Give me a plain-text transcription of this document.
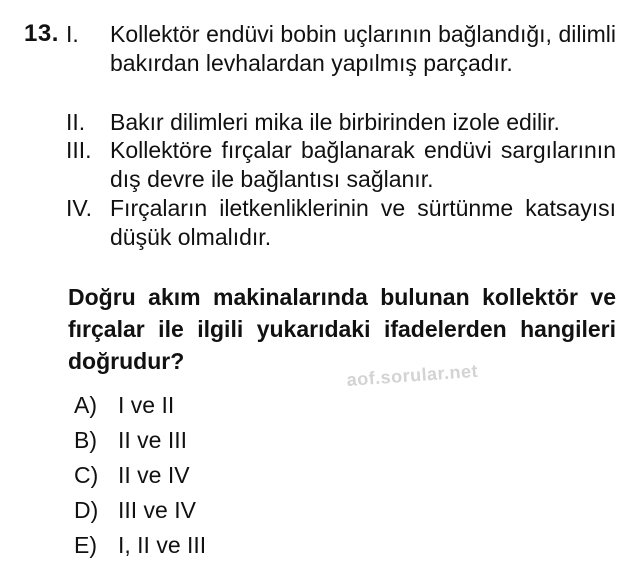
13. I. Kollektör endüvi bobin uçlarının bağlandığı, dilimli bakırdan levhalardan yapılmış parçadır.
II. Bakır dilimleri mika ile birbirinden izole edilir.
III. Kollektöre fırçalar bağlanarak endüvi sargılarının dış devre ile bağlantısı sağlanır.
IV. Fırçaların iletkenliklerinin ve sürtünme katsayısı düşük olmalıdır.
Doğru akım makinalarında bulunan kollektör ve fırçalar ile ilgili yukarıdaki ifadelerden hangileri doğrudur?	aof.sorular.net
A) I ve II
B) II ve III
C) II ve IV
D) III ve IV
E) I, II ve III
